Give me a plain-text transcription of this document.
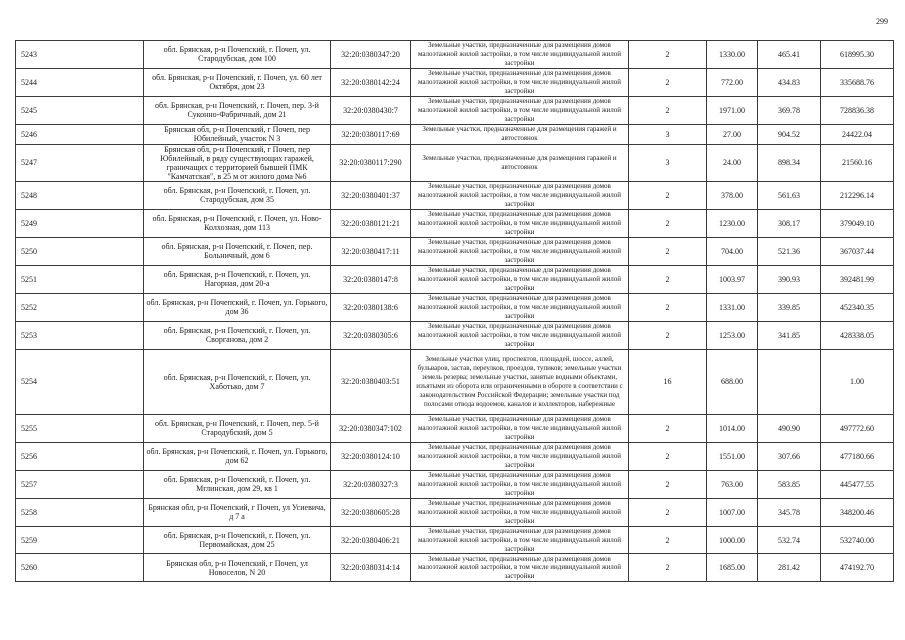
299
5243	обл. Брянская, р-н Почепский, г. Почеп, ул. Стародубская, дом 100	32:20:0380347:20	Земельные участки, предназначенные для размещения домов малоэтажной жилой застройки, в том числе индивидуальной жилой застройки	2	1330.00	465.41	618995.30
5244	обл. Брянская, р-н Почепский, г. Почеп, ул. 60 лет Октября, дом 23	32:20:0380142:24	Земельные участки, предназначенные для размещения домов малоэтажной жилой застройки, в том числе индивидуальной жилой застройки	2	772.00	434.83	335688.76
5245	обл. Брянская, р-н Почепский, г. Почеп, пер. 3-й Суконно-Фабричный, дом 21	32:20:0380430:7	Земельные участки, предназначенные для размещения домов малоэтажной жилой застройки, в том числе индивидуальной жилой застройки	2	1971.00	369.78	728836.38
5246	Брянская обл, р-н Почепский, г Почеп, пер Юбилейный, участок N 3	32:20:0380117:69	Земельные участки, предназначенные для размещения гаражей и автостоянок	3	27.00	904.52	24422.04
5247	Брянская обл, р-н Почепский, г Почеп, пер Юбилейный, в ряду существующих гаражей, граничащих с территорией бывшей ПМК "Камчатская", в 25 м от жилого дома №6	32:20:0380117:290	Земельные участки, предназначенные для размещения гаражей и автостоянок	3	24.00	898.34	21560.16
5248	обл. Брянская, р-н Почепский, г. Почеп, ул. Стародубская, дом 35	32:20:0380401:37	Земельные участки, предназначенные для размещения домов малоэтажной жилой застройки, в том числе индивидуальной жилой застройки	2	378.00	561.63	212296.14
5249	обл. Брянская, р-н Почепский, г. Почеп, ул. Ново-Колхозная, дом 113	32:20:0380121:21	Земельные участки, предназначенные для размещения домов малоэтажной жилой застройки, в том числе индивидуальной жилой застройки	2	1230.00	308.17	379049.10
5250	обл. Брянская, р-н Почепский, г. Почеп, пер. Больничный, дом 6	32:20:0380417:11	Земельные участки, предназначенные для размещения домов малоэтажной жилой застройки, в том числе индивидуальной жилой застройки	2	704.00	521.36	367037.44
5251	обл. Брянская, р-н Почепский, г. Почеп, ул. Нагорная, дом 20-а	32:20:0380147:8	Земельные участки, предназначенные для размещения домов малоэтажной жилой застройки, в том числе индивидуальной жилой застройки	2	1003.97	390.93	392481.99
5252	обл. Брянская, р-н Почепский, г. Почеп, ул. Горького, дом 36	32:20:0380138:6	Земельные участки, предназначенные для размещения домов малоэтажной жилой застройки, в том числе индивидуальной жилой застройки	2	1331.00	339.85	452340.35
5253	обл. Брянская, р-н Почепский, г. Почеп, ул. Сворганова, дом 2	32:20:0380305:6	Земельные участки, предназначенные для размещения домов малоэтажной жилой застройки, в том числе индивидуальной жилой застройки	2	1253.00	341.85	428338.05
5254	обл. Брянская, р-н Почепский, г. Почеп, ул. Хаботько, дом 7	32:20:0380403:51	Земельные участки улиц, проспектов, площадей, шоссе, аллей, бульваров, застав, переулков, проездов, тупиков; земельные участки земель резерва; земельные участки, занятые водными объектами, изъятыми из оборота или ограниченными в обороте в соответствии с законодательством Российской Федерации; земельные участки под полосами отвода водоемов, каналов и коллекторов, набережные	16	688.00		1.00
5255	обл. Брянская, р-н Почепский, г. Почеп, пер. 5-й Стародубский, дом 5	32:20:0380347:102	Земельные участки, предназначенные для размещения домов малоэтажной жилой застройки, в том числе индивидуальной жилой застройки	2	1014.00	490.90	497772.60
5256	обл. Брянская, р-н Почепский, г. Почеп, ул. Горького, дом 62	32:20:0380124:10	Земельные участки, предназначенные для размещения домов малоэтажной жилой застройки, в том числе индивидуальной жилой застройки	2	1551.00	307.66	477180.66
5257	обл. Брянская, р-н Почепский, г. Почеп, ул. Мглинская, дом 29, кв 1	32:20:0380327:3	Земельные участки, предназначенные для размещения домов малоэтажной жилой застройки, в том числе индивидуальной жилой застройки	2	763.00	583.85	445477.55
5258	Брянская обл, р-н Почепский, г Почеп, ул Усиевича, д 7 а	32:20:0380605:28	Земельные участки, предназначенные для размещения домов малоэтажной жилой застройки, в том числе индивидуальной жилой застройки	2	1007.00	345.78	348200.46
5259	обл. Брянская, р-н Почепский, г. Почеп, ул. Первомайская, дом 25	32:20:0380406:21	Земельные участки, предназначенные для размещения домов малоэтажной жилой застройки, в том числе индивидуальной жилой застройки	2	1000.00	532.74	532740.00
5260	Брянская обл, р-н Почепский, г Почеп, ул Новоселов, N 20	32:20:0380314:14	Земельные участки, предназначенные для размещения домов малоэтажной жилой застройки, в том числе индивидуальной жилой застройки	2	1685.00	281.42	474192.70
